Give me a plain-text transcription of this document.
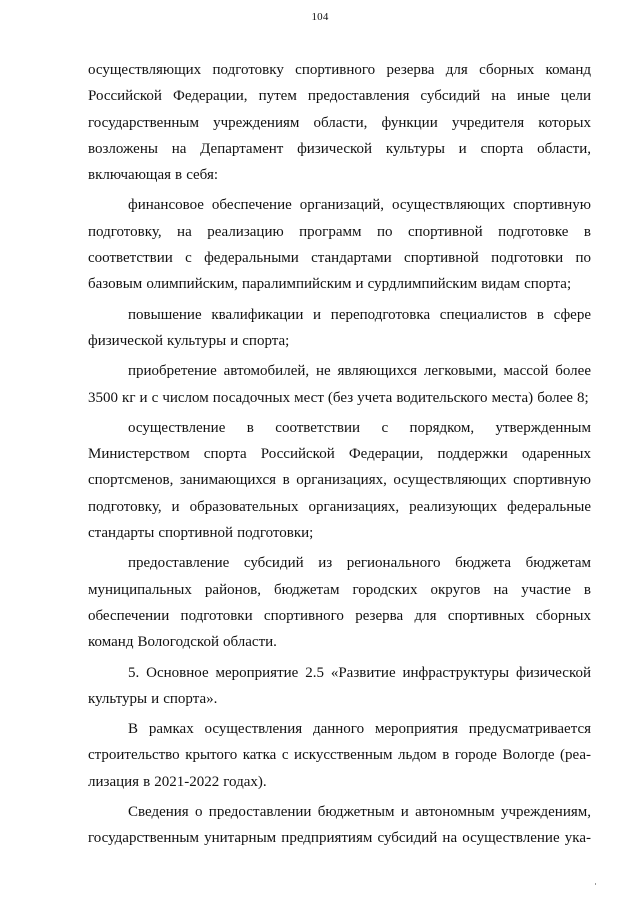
104
осуществляющих подготовку спортивного резерва для сборных команд
Российской Федерации, путем предоставления субсидий на иные цели
государственным учреждениям области, функции учредителя которых
возложены на Департамент физической культуры и спорта области,
включающая в себя:
финансовое обеспечение организаций, осуществляющих спортивную
подготовку, на реализацию программ по спортивной подготовке в
соответствии с федеральными стандартами спортивной подготовки по
базовым олимпийским, паралимпийским и сурдлимпийским видам спорта;
повышение квалификации и переподготовка специалистов в сфере
физической культуры и спорта;
приобретение автомобилей, не являющихся легковыми, массой более
3500 кг и с числом посадочных мест (без учета водительского места) более 8;
осуществление в соответствии с порядком, утвержденным
Министерством спорта Российской Федерации, поддержки одаренных
спортсменов, занимающихся в организациях, осуществляющих спортивную
подготовку, и образовательных организациях, реализующих федеральные
стандарты спортивной подготовки;
предоставление субсидий из регионального бюджета бюджетам
муниципальных районов, бюджетам городских округов на участие в
обеспечении подготовки спортивного резерва для спортивных сборных
команд Вологодской области.
5. Основное мероприятие 2.5 «Развитие инфраструктуры физической
культуры и спорта».
В рамках осуществления данного мероприятия предусматривается
строительство крытого катка с искусственным льдом в городе Вологде (реа-
лизация в 2021-2022 годах).
Сведения о предоставлении бюджетным и автономным учреждениям,
государственным унитарным предприятиям субсидий на осуществление ука-
